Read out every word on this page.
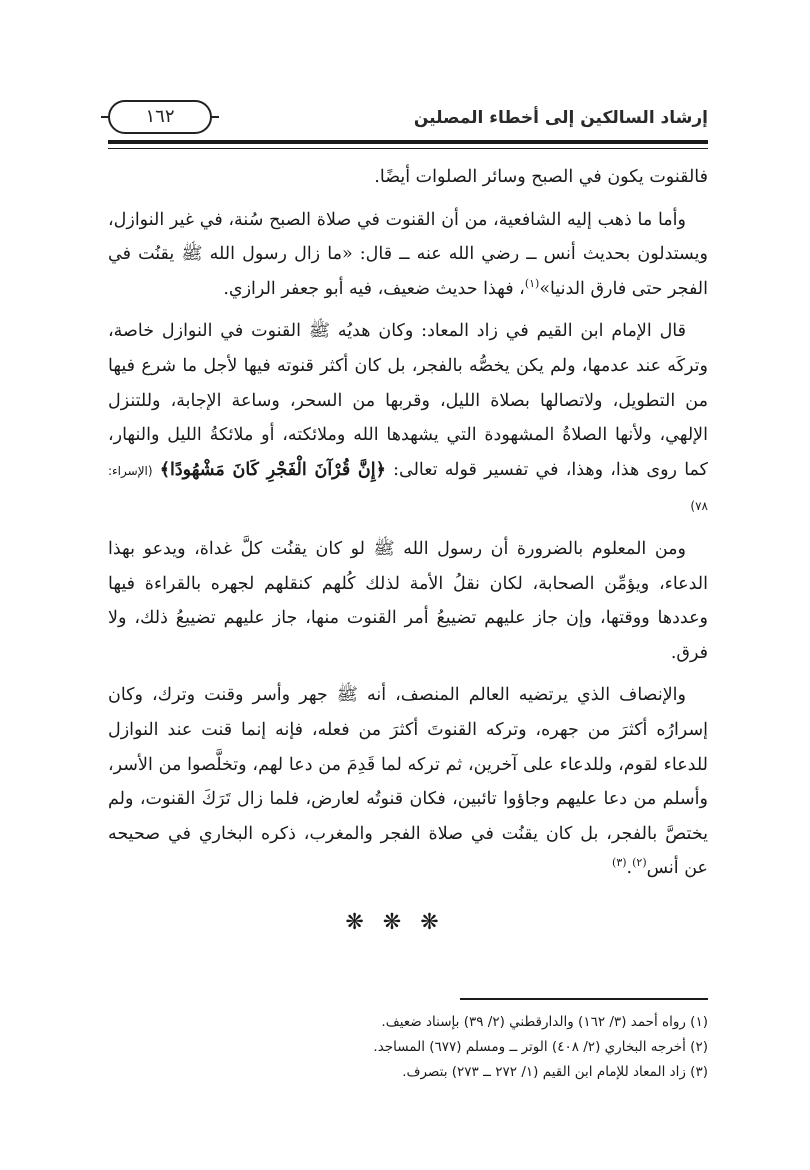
١٦٢	إرشاد السالكين إلى أخطاء المصلين

فالقنوت يكون في الصبح وسائر الصلوات أيضًا.

وأما ما ذهب إليه الشافعية، من أن القنوت في صلاة الصبح سُنة، في غير النوازل، ويستدلون بحديث أنس ــ رضي الله عنه ــ قال: «ما زال رسول الله ﷺ يقنُت في الفجر حتى فارق الدنيا»$^{(١)}$، فهذا حديث ضعيف، فيه أبو جعفر الرازي.

قال الإمام ابن القيم في زاد المعاد: وكان هديُه ﷺ القنوت في النوازل خاصة، وتركَه عند عدمها، ولم يكن يخصُّه بالفجر، بل كان أكثر قنوته فيها لأجل ما شرع فيها من التطويل، ولاتصالها بصلاة الليل، وقربها من السحر، وساعة الإجابة، وللتنزل الإلهي، ولأنها الصلاةُ المشهودة التي يشهدها الله وملائكته، أو ملائكةُ الليل والنهار، كما روى هذا، وهذا، في تفسير قوله تعالى: ﴿إِنَّ قُرْآنَ الْفَجْرِ كَانَ مَشْهُودًا﴾ (الإسراء: ٧٨)

ومن المعلوم بالضرورة أن رسول الله ﷺ لو كان يقنُت كلَّ غداة، ويدعو بهذا الدعاء، ويؤمِّن الصحابة، لكان نقلُ الأمة لذلك كُلهم كنقلهم لجهره بالقراءة فيها وعددها ووقتها، وإن جاز عليهم تضييعُ أمر القنوت منها، جاز عليهم تضييعُ ذلك، ولا فرق.

والإنصاف الذي يرتضيه العالم المنصف، أنه ﷺ جهر وأسر وقنت وترك، وكان إسرارُه أكثرَ من جهره، وتركه القنوتَ أكثرَ من فعله، فإنه إنما قنت عند النوازل للدعاء لقوم، وللدعاء على آخرين، ثم تركه لما قَدِمَ من دعا لهم، وتخلَّصوا من الأسر، وأسلم من دعا عليهم وجاؤوا تائبين، فكان قنوتُه لعارض، فلما زال تَرَكَ القنوت، ولم يختصَّ بالفجر، بل كان يقنُت في صلاة الفجر والمغرب، ذكره البخاري في صحيحه عن أنس$^{(٢)}$.$^{(٣)}$

❋ ❋ ❋
(١) رواه أحمد (٣/ ١٦٢) والدارقطني (٢/ ٣٩) بإسناد ضعيف.
(٢) أخرجه البخاري (٢/ ٤٠٨) الوتر ــ ومسلم (٦٧٧) المساجد.
(٣) زاد المعاد للإمام ابن القيم (١/ ٢٧٢ ــ ٢٧٣) بتصرف.
